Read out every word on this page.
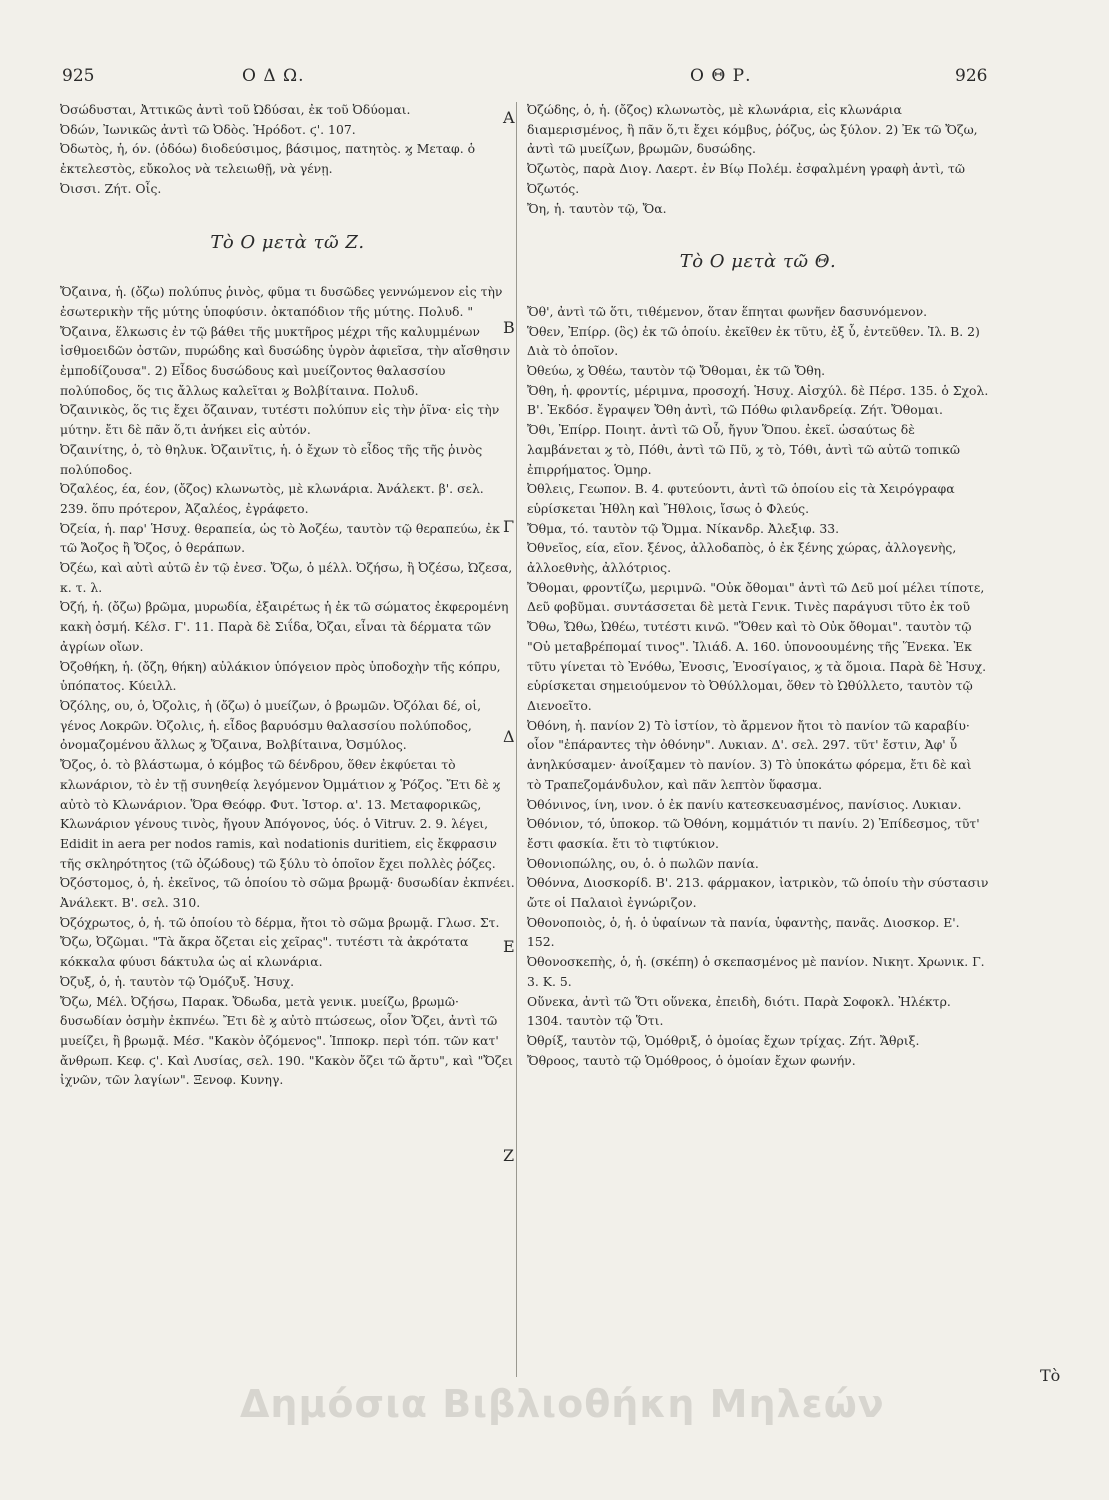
925	Ο Δ Ω.	Ο Θ Ρ.	926
Α
Β
Γ
Δ
Ε
Ζ

Ὀσώδυσται, Ἀττικῶς ἀντὶ τοῦ Ὠδύσαι, ἐκ τοῦ Ὀδύομαι.

Ὀδών, Ἰωνικῶς ἀντὶ τῶ Ὀδὸς. Ἡρόδοτ. ϛ'. 107.

Ὀδωτὸς, ἡ, όν. (ὁδόω) διοδεύσιμος, βάσιμος, πατητὸς. ϗ Μεταφ. ὁ ἐκτελεστὸς, εὔκολος νὰ τελειωθῇ, νὰ γένῃ.

Ὀισσι. Ζήτ. Οἶς.

Τὸ Ο μετὰ τῶ Ζ.

Ὄζαινα, ἡ. (ὄζω) πολύπυς ῥινὸς, φῦμα τι δυσῶδες γεννώμενον εἰς τὴν ἐσωτερικὴν τῆς μύτης ὑποφύσιν. ὀκταπόδιον τῆς μύτης. Πολυδ. " Ὄζαινα, ἕλκωσις ἐν τῷ βάθει τῆς μυκτῆρος μέχρι τῆς καλυμμένων ἰσθμοειδῶν ὀστῶν, πυρώδης καὶ δυσώδης ὑγρὸν ἀφιεῖσα, τὴν αἴσθησιν ἐμποδίζουσα". 2) Εἶδος δυσώδους καὶ μυείζοντος θαλασσίου πολύποδος, ὅς τις ἄλλως καλεῖται ϗ Βολβίταινα. Πολυδ.

Ὀζαινικὸς, ὅς τις ἔχει ὄζαιναν, τυτέστι πολύπυν εἰς τὴν ῥῖνα· εἰς τὴν μύτην. ἔτι δὲ πᾶν ὅ,τι ἀνήκει εἰς αὐτόν.

Ὀζαινίτης, ὁ, τὸ θηλυκ. Ὀζαινῖτις, ἡ. ὁ ἔχων τὸ εἶδος τῆς τῆς ῥινὸς πολύποδος.

Ὀζαλέος, έα, έον, (ὄζος) κλωνωτὸς, μὲ κλωνάρια. Ἀνάλεκτ. β'. σελ. 239. ὅπυ πρότερον, Ἀζαλέος, ἐγράφετο.

Ὀζεία, ἡ. παρ' Ἡσυχ. θεραπεία, ὡς τὸ Ἀοζέω, ταυτὸν τῷ θεραπεύω, ἐκ τῶ Ἄοζος ἢ Ὄζος, ὁ θεράπων.

Ὀζέω, καὶ αὐτὶ αὐτῶ ἐν τῷ ἐνεσ. Ὄζω, ὁ μέλλ. Ὀζήσω, ἢ Ὀζέσω, Ὠζεσα, κ. τ. λ.

Ὀζή, ἡ. (ὄζω) βρῶμα, μυρωδία, ἐξαιρέτως ἡ ἐκ τῶ σώματος ἐκφερομένη κακὴ ὀσμή. Κέλσ. Γ'. 11. Παρὰ δὲ Σιΐδα, Ὀζαι, εἶναι τὰ δέρματα τῶν ἀγρίων οἴων.

Ὀζοθήκη, ἡ. (ὄζη, θήκη) αὐλάκιον ὑπόγειον πρὸς ὑποδοχὴν τῆς κόπρυ, ὑπόπατος. Κύειλλ.

Ὀζόλης, ου, ὁ, Ὀζολις, ἡ (ὄζω) ὁ μυείζων, ὁ βρωμῶν. Ὀζόλαι δέ, οἱ, γένος Λοκρῶν. Ὀζολις, ἡ. εἶδος βαρυόσμυ θαλασσίου πολύποδος, ὀνομαζομένου ἄλλως ϗ Ὄζαινα, Βολβίταινα, Ὀσμύλος.

Ὄζος, ὁ. τὸ βλάστωμα, ὁ κόμβος τῶ δένδρου, ὅθεν ἐκφύεται τὸ κλωνάριον, τὸ ἐν τῇ συνηθείᾳ λεγόμενον Ὀμμάτιον ϗ Ῥόζος. Ἔτι δὲ ϗ αὐτὸ τὸ Κλωνάριον. Ὅρα Θεόφρ. Φυτ. Ἱστορ. α'. 13. Μεταφορικῶς, Κλωνάριον γένους τινὸς, ἤγουν Ἀπόγονος, ὑός. ὁ Vitruv. 2. 9. λέγει, Edidit in aera per nodos ramis, καὶ nodationis duritiem, εἰς ἔκφρασιν τῆς σκληρότητος (τῶ ὀζώδους) τῶ ξύλυ τὸ ὁποῖον ἔχει πολλὲς ῥόζες.

Ὀζόστομος, ὁ, ἡ. ἐκεῖνος, τῶ ὁποίου τὸ σῶμα βρωμᾷ· δυσωδίαν ἐκπνέει. Ἀνάλεκτ. Β'. σελ. 310.

Ὀζόχρωτος, ὁ, ἡ. τῶ ὁποίου τὸ δέρμα, ἤτοι τὸ σῶμα βρωμᾷ. Γλωσ. Στ.

Ὄζω, Ὀζῶμαι. "Τὰ ἄκρα ὄζεται εἰς χεῖρας". τυτέστι τὰ ἀκρότατα κόκκαλα φύυσι δάκτυλα ὡς αἱ κλωνάρια.

Ὀζυξ, ὁ, ἡ. ταυτὸν τῷ Ὁμόζυξ. Ἡσυχ.

Ὄζω, Μέλ. Ὀζήσω, Παρακ. Ὄδωδα, μετὰ γενικ. μυείζω, βρωμῶ· δυσωδίαν ὀσμὴν ἐκπνέω. Ἔτι δὲ ϗ αὐτὸ πτώσεως, οἷον Ὄζει, ἀντὶ τῶ μυείζει, ἢ βρωμᾷ. Μέσ. "Κακὸν ὀζόμενος". Ἱπποκρ. περὶ τόπ. τῶν κατ' ἄνθρωπ. Κεφ. ϛ'. Καὶ Λυσίας, σελ. 190. "Κακὸν ὄζει τῶ ἄρτυ", καὶ "Ὄζει ἰχνῶν, τῶν λαγίων". Ξενοφ. Κυνηγ.

Ὀζώδης, ὁ, ἡ. (ὄζος) κλωνωτὸς, μὲ κλωνάρια, εἰς κλωνάρια διαμερισμένος, ἢ πᾶν ὅ,τι ἔχει κόμβυς, ῥόζυς, ὡς ξύλον. 2) Ἐκ τῶ Ὄζω, ἀντὶ τῶ μυείζων, βρωμῶν, δυσώδης.

Ὀζωτὸς, παρὰ Διογ. Λαερτ. ἐν Βίῳ Πολέμ. ἐσφαλμένη γραφὴ ἀντὶ, τῶ Ὀζωτός.

Ὄη, ἡ. ταυτὸν τῷ, Ὄα.

Τὸ Ο μετὰ τῶ Θ.

Ὄθ', ἀντὶ τῶ ὅτι, τιθέμενον, ὅταν ἕπηται φωνῆεν δασυνόμενον.

Ὅθεν, Ἐπίρρ. (ὃς) ἐκ τῶ ὁποίυ. ἐκεῖθεν ἐκ τῦτυ, ἐξ ὗ, ἐντεῦθεν. Ἰλ. Β. 2) Διὰ τὸ ὁποῖον.

Ὀθεύω, ϗ Ὀθέω, ταυτὸν τῷ Ὄθομαι, ἐκ τῶ Ὄθη.

Ὄθη, ἡ. φροντίς, μέριμνα, προσοχή. Ἡσυχ. Αἰσχύλ. δὲ Πέρσ. 135. ὁ Σχολ. Β'. Ἐκδόσ. ἔγραψεν Ὄθη ἀντὶ, τῶ Πόθω φιλανδρείᾳ. Ζήτ. Ὄθομαι.

Ὄθι, Ἐπίρρ. Ποιητ. ἀντὶ τῶ Οὗ, ἤγυν Ὅπου. ἐκεῖ. ὡσαύτως δὲ λαμβάνεται ϗ τὸ, Πόθι, ἀντὶ τῶ Πῦ, ϗ τὸ, Τόθι, ἀντὶ τῶ αὐτῶ τοπικῶ ἐπιρρήματος. Ὁμηρ.

Ὀθλεις, Γεωπον. Β. 4. φυτεύοντι, ἀντὶ τῶ ὁποίου εἰς τὰ Χειρόγραφα εὑρίσκεται Ἠθλη καὶ Ἤθλοις, ἴσως ὁ Φλεύς.

Ὄθμα, τό. ταυτὸν τῷ Ὄμμα. Νίκανδρ. Ἀλεξιφ. 33.

Ὀθνεῖος, εία, εῖον. ξένος, ἀλλοδαπὸς, ὁ ἐκ ξένης χώρας, ἀλλογενὴς, ἀλλοεθνὴς, ἀλλότριος.

Ὄθομαι, φροντίζω, μεριμνῶ. "Οὐκ ὄθομαι" ἀντὶ τῶ Δεῦ μοί μέλει τίποτε, Δεῦ φοβῦμαι. συντάσσεται δὲ μετὰ Γενικ. Τινὲς παράγυσι τῦτο ἐκ τοῦ Ὄθω, Ὤθω, Ὠθέω, τυτέστι κινῶ. "Ὅθεν καὶ τὸ Οὐκ ὄθομαι". ταυτὸν τῷ "Οὐ μεταβρέπομαί τινος". Ἰλιάδ. Α. 160. ὑπονοουμένης τῆς Ἕνεκα. Ἐκ τῦτυ γίνεται τὸ Ἐνόθω, Ἐνοσις, Ἐνοσίγαιος, ϗ τὰ ὅμοια. Παρὰ δὲ Ἡσυχ. εὑρίσκεται σημειούμενον τὸ Ὀθύλλομαι, ὅθεν τὸ Ὠθύλλετο, ταυτὸν τῷ Διενοεῖτο.

Ὀθόνη, ἡ. πανίον 2) Τὸ ἱστίον, τὸ ἄρμενον ἤτοι τὸ πανίον τῶ καραβίυ· οἷον "ἐπάραντες τὴν ὀθόνην". Λυκιαν. Δ'. σελ. 297. τῦτ' ἔστιν, Ἀφ' ὗ ἀνηλκύσαμεν· ἀνοίξαμεν τὸ πανίον. 3) Τὸ ὑποκάτω φόρεμα, ἔτι δὲ καὶ τὸ Τραπεζομάνδυλον, καὶ πᾶν λεπτὸν ὕφασμα.

Ὀθόνινος, ίνη, ινον. ὁ ἐκ πανίυ κατεσκευασμένος, πανίσιος. Λυκιαν.

Ὀθόνιον, τό, ὑποκορ. τῶ Ὀθόνη, κομμάτιόν τι πανίυ. 2) Ἐπίδεσμος, τῦτ' ἔστι φασκία. ἔτι τὸ τιφτύκιον.

Ὀθονιοπώλης, ου, ὁ. ὁ πωλῶν πανία.

Ὀθόννα, Διοσκορίδ. Β'. 213. φάρμακον, ἰατρικὸν, τῶ ὁποίυ τὴν σύστασιν ὤτε οἱ Παλαιοὶ ἐγνώριζον.

Ὀθονοποιὸς, ὁ, ἡ. ὁ ὑφαίνων τὰ πανία, ὑφαντὴς, πανᾶς. Διοσκορ. Ε'. 152.

Ὀθονοσκεπὴς, ὁ, ἡ. (σκέπη) ὁ σκεπασμένος μὲ πανίον. Νικητ. Χρωνικ. Γ. 3. Κ. 5.

Οὕνεκα, ἀντὶ τῶ Ὅτι οὕνεκα, ἐπειδὴ, διότι. Παρὰ Σοφοκλ. Ἠλέκτρ. 1304. ταυτὸν τῷ Ὅτι.

Ὀθρίξ, ταυτὸν τῷ, Ὁμόθριξ, ὁ ὁμοίας ἔχων τρίχας. Ζήτ. Ἄθριξ.

Ὄθροος, ταυτὸ τῷ Ὁμόθροος, ὁ ὁμοίαν ἔχων φωνήν.

Τὸ
Δημόσια Βιβλιοθήκη Μηλεών
